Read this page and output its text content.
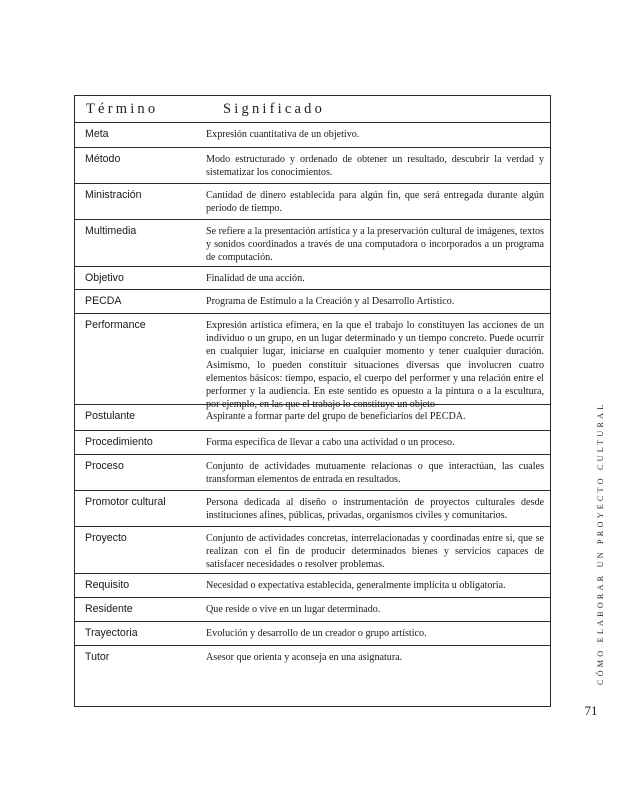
Término	Significado
Meta	Expresión cuantitativa de un objetivo.
Método	Modo estructurado y ordenado de obtener un resultado, descubrir la verdad y sistematizar los conocimientos.
Ministración	Cantidad de dinero establecida para algún fin, que será entregada durante algún periodo de tiempo.
Multimedia	Se refiere a la presentación artística y a la preservación cultural de imágenes, textos y sonidos coordinados a través de una computadora o incorporados a un programa de computación.
Objetivo	Finalidad de una acción.
PECDA	Programa de Estímulo a la Creación y al Desarrollo Artístico.
Performance	Expresión artística efímera, en la que el trabajo lo constituyen las acciones de un individuo o un grupo, en un lugar determinado y un tiempo concreto. Puede ocurrir en cualquier lugar, iniciarse en cualquier momento y tener cualquier duración. Asimismo, lo pueden constituir situaciones diversas que involucren cuatro elementos básicos: tiempo, espacio, el cuerpo del performer y una relación entre el performer y la audiencia. En este sentido es opuesto a la pintura o a la escultura, por ejemplo, en las que el trabajo lo constituye un objeto
Postulante	Aspirante a formar parte del grupo de beneficiarios del PECDA.
Procedimiento	Forma específica de llevar a cabo una actividad o un proceso.
Proceso	Conjunto de actividades mutuamente relacionas o que interactúan, las cuales transforman elementos de entrada en resultados.
Promotor cultural	Persona dedicada al diseño o instrumentación de proyectos culturales desde instituciones afines, públicas, privadas, organismos civiles y comunitarios.
Proyecto	Conjunto de actividades concretas, interrelacionadas y coordinadas entre sí, que se realizan con el fin de producir determinados bienes y servicios capaces de satisfacer necesidades o resolver problemas.
Requisito	Necesidad o expectativa establecida, generalmente implícita u obligatoria.
Residente	Que reside o vive en un lugar determinado.
Trayectoria	Evolución y desarrollo de un creador o grupo artístico.
Tutor	Asesor que orienta y aconseja en una asignatura.	CÓMO ELABORAR UN PROYECTO CULTURAL
71
